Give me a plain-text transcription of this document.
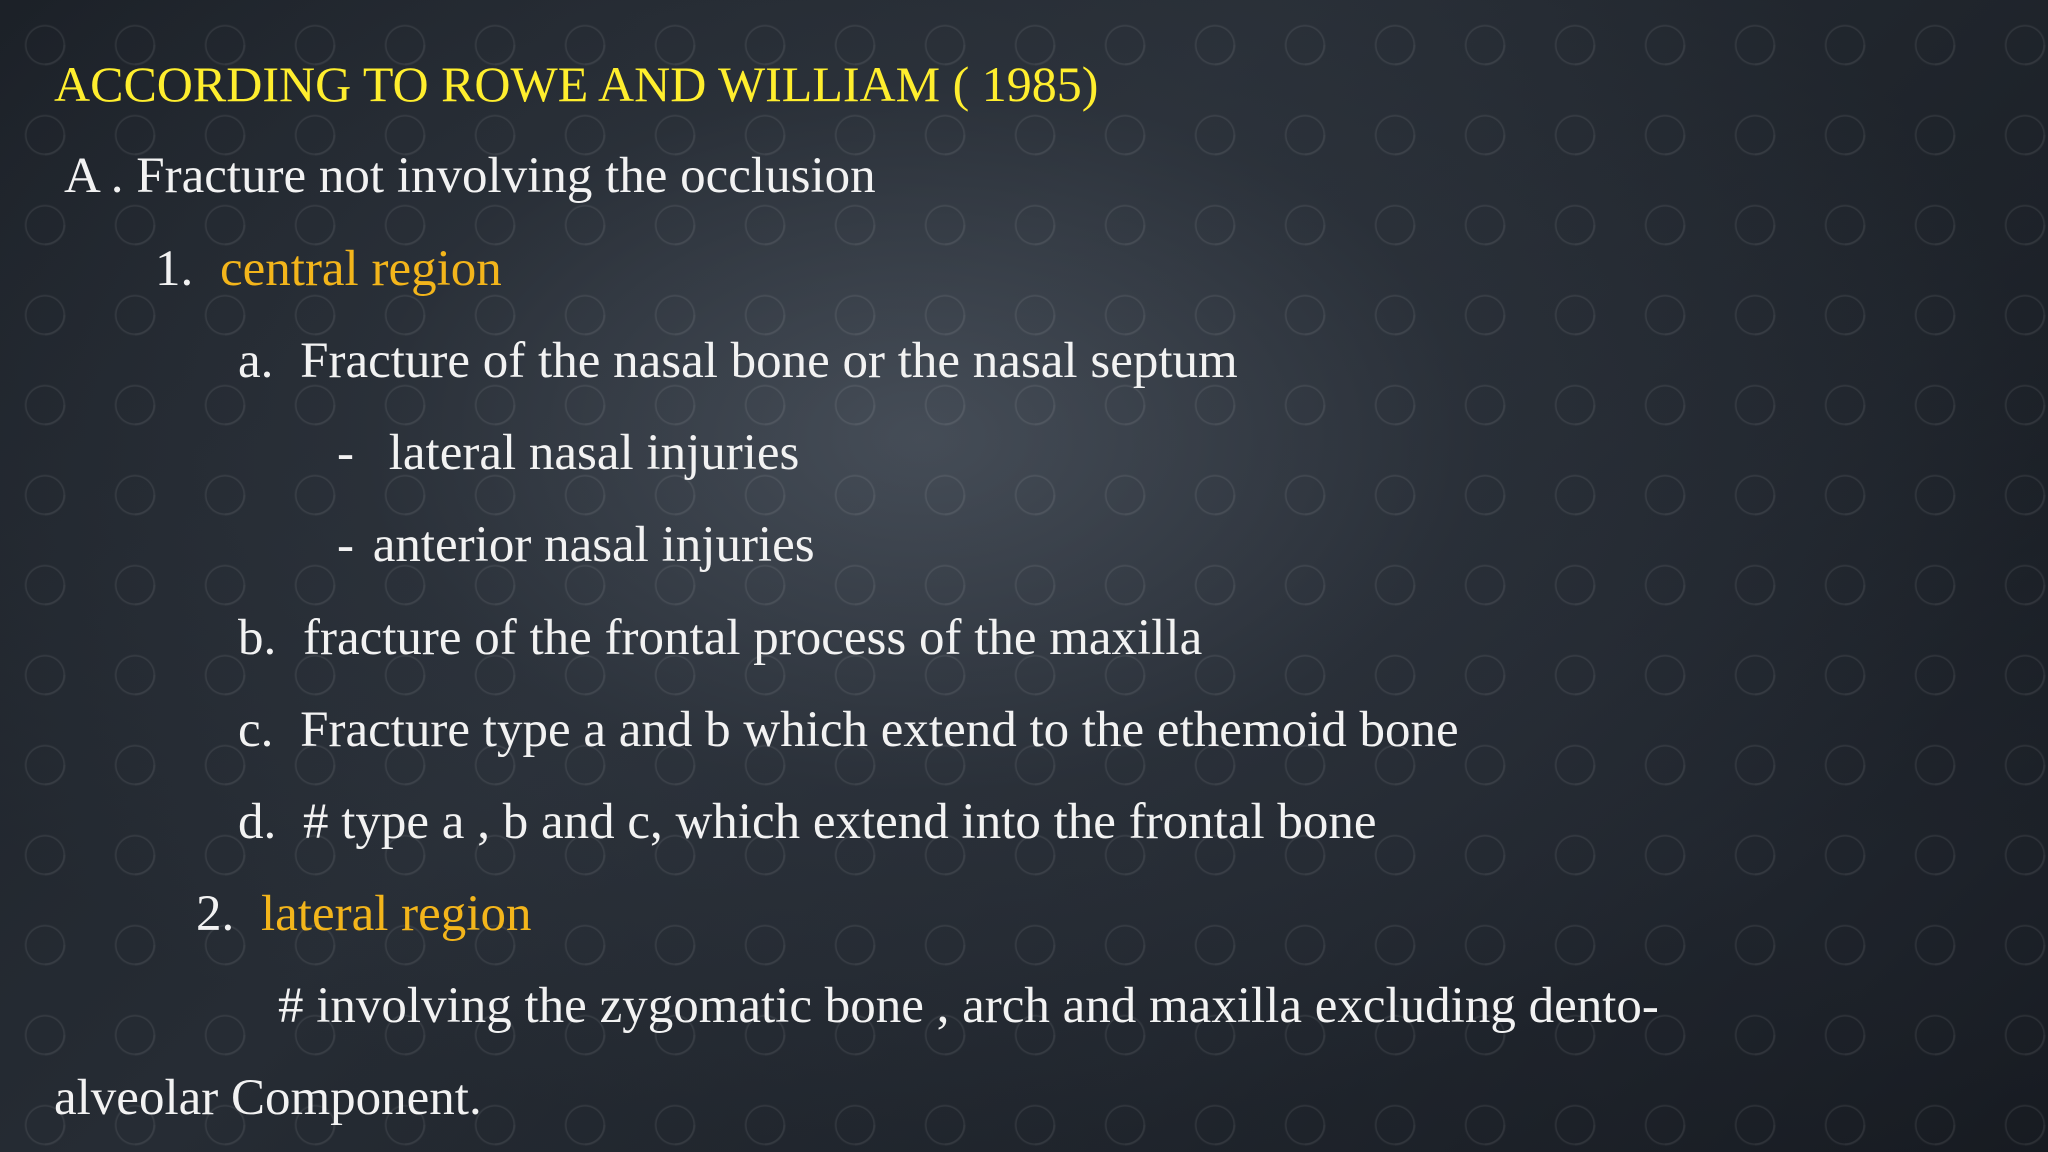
ACCORDING TO ROWE AND WILLIAM ( 1985)
A . Fracture not involving the occlusion
1. central region
a. Fracture of the nasal bone or the nasal septum
- lateral nasal injuries
- anterior nasal injuries
b. fracture of the frontal process of the maxilla
c. Fracture type a and b which extend to the ethemoid bone
d. # type a , b and c, which extend into the frontal bone
2. lateral region
# involving the zygomatic bone , arch and maxilla excluding dento-
alveolar Component.
